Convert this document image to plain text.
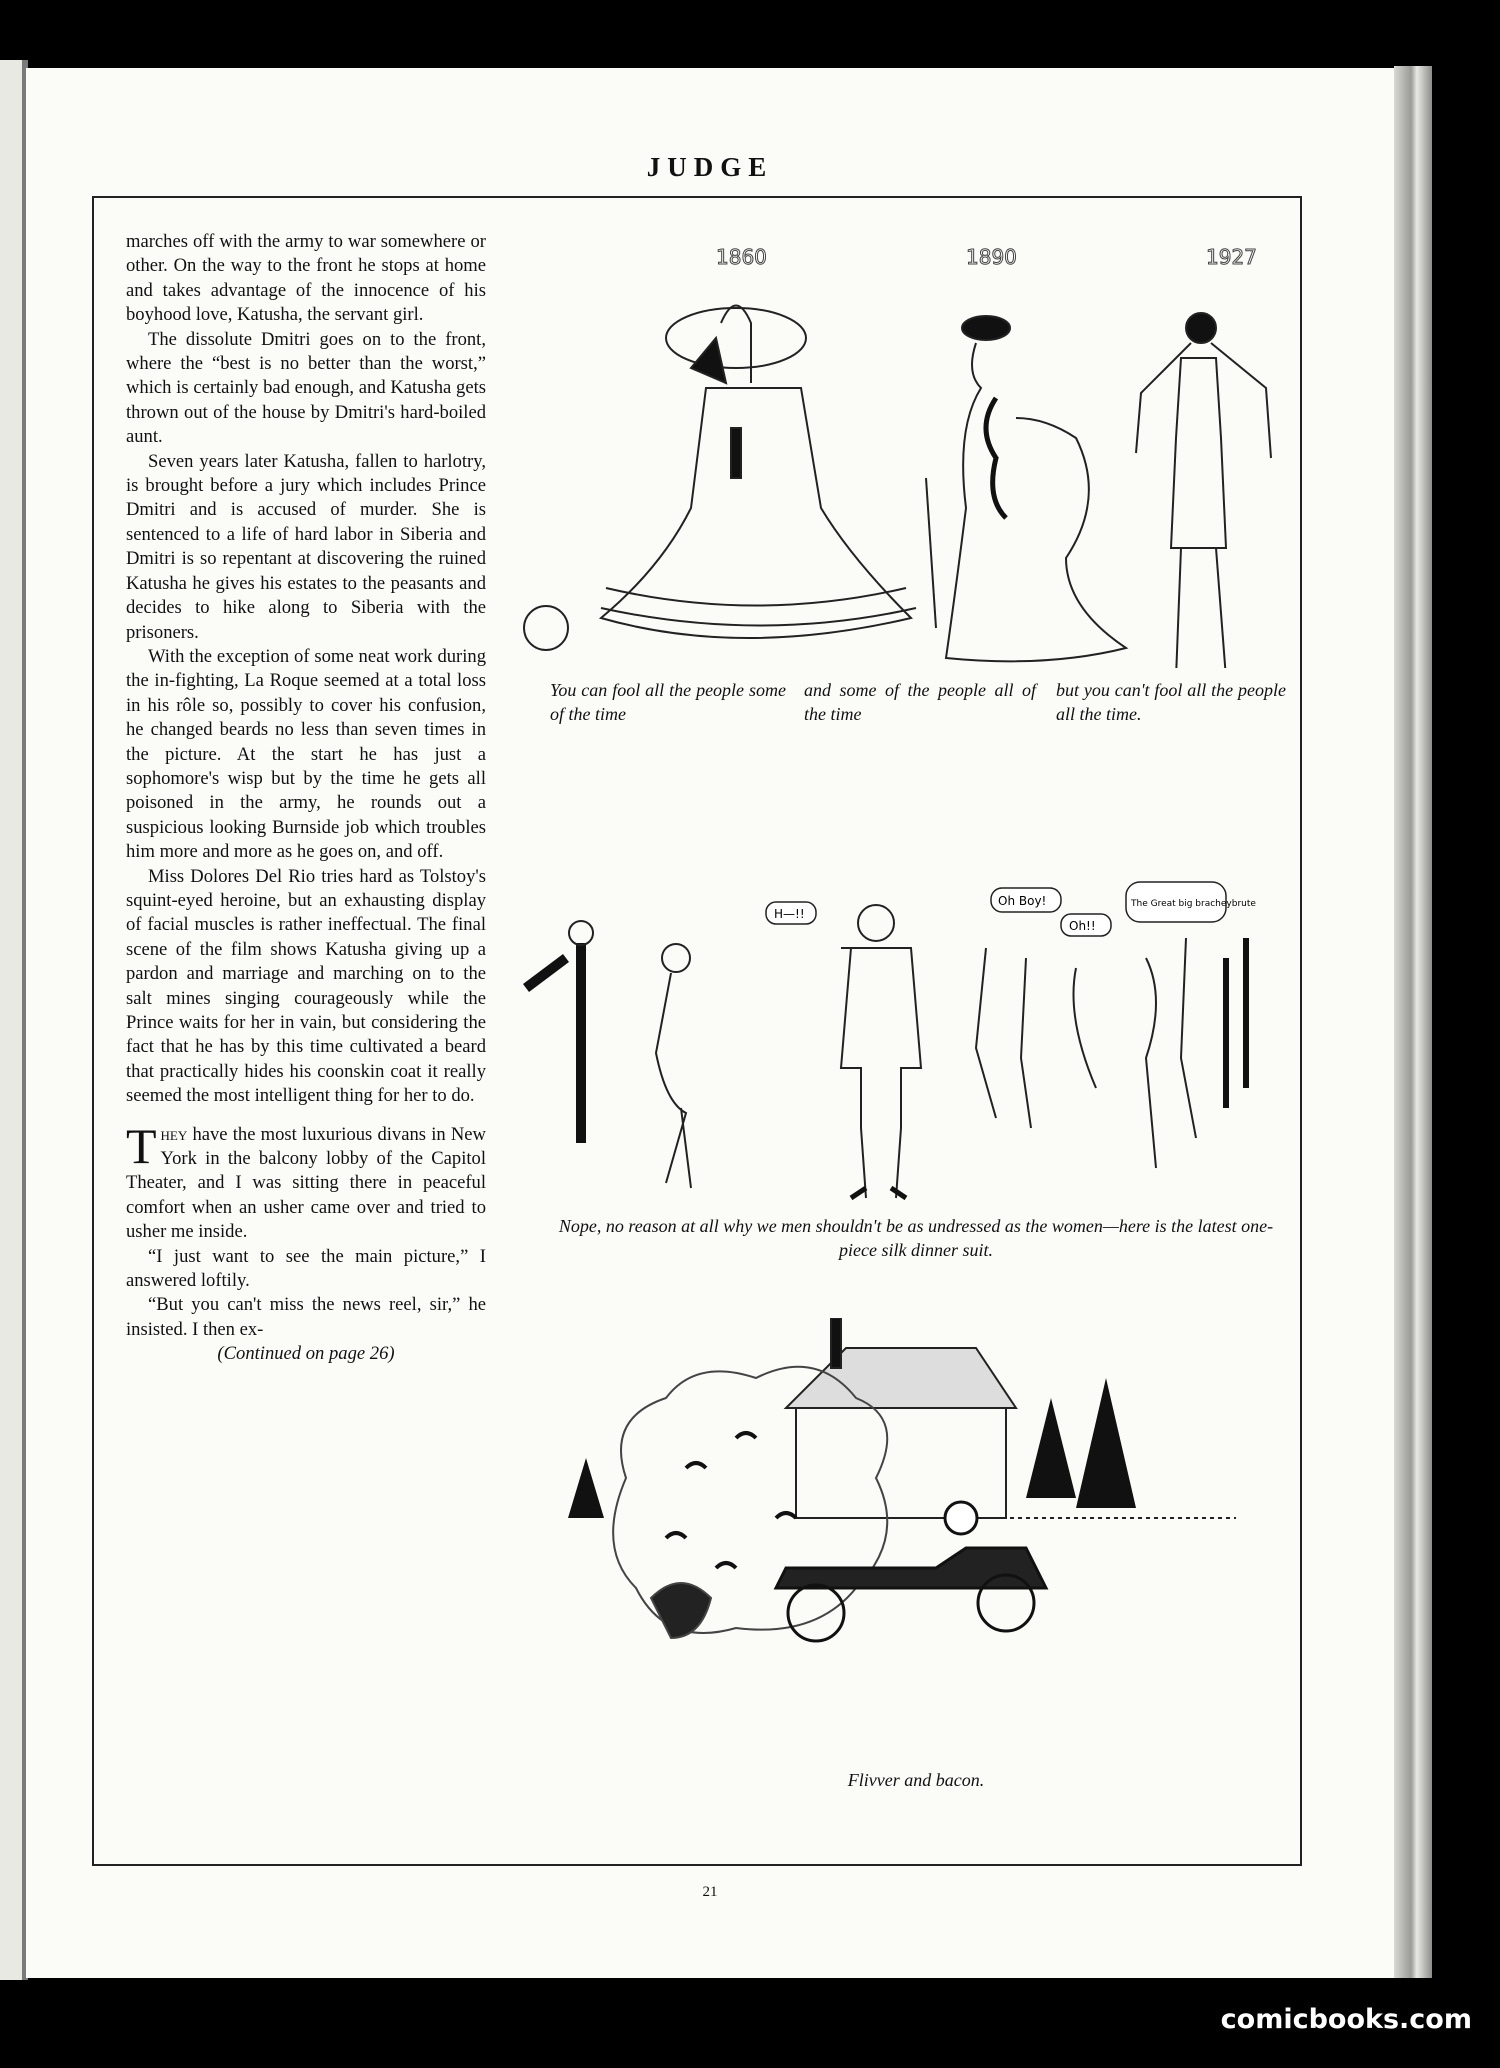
JUDGE

marches off with the army to war somewhere or other. On the way to the front he stops at home and takes advantage of the innocence of his boyhood love, Katusha, the servant girl.

The dissolute Dmitri goes on to the front, where the “best is no better than the worst,” which is certainly bad enough, and Katusha gets thrown out of the house by Dmitri's hard-boiled aunt.

Seven years later Katusha, fallen to harlotry, is brought before a jury which includes Prince Dmitri and is accused of murder. She is sentenced to a life of hard labor in Siberia and Dmitri is so repentant at discovering the ruined Katusha he gives his estates to the peasants and decides to hike along to Siberia with the prisoners.

With the exception of some neat work during the in-fighting, La Roque seemed at a total loss in his rôle so, possibly to cover his confusion, he changed beards no less than seven times in the picture. At the start he has just a sophomore's wisp but by the time he gets all poisoned in the army, he rounds out a suspicious looking Burnside job which troubles him more and more as he goes on, and off.

Miss Dolores Del Rio tries hard as Tolstoy's squint-eyed heroine, but an exhausting display of facial muscles is rather ineffectual. The final scene of the film shows Katusha giving up a pardon and marriage and marching on to the salt mines singing courageously while the Prince waits for her in vain, but considering the fact that he has by this time cultivated a beard that practically hides his coonskin coat it really seemed the most intelligent thing for her to do.

They have the most luxurious divans in New York in the balcony lobby of the Capitol Theater, and I was sitting there in peaceful comfort when an usher came over and tried to usher me inside.

“I just want to see the main picture,” I answered loftily.

“But you can't miss the news reel, sir,” he insisted. I then ex-

(Continued on page 26)

1860	1890	1927
You can fool all the people some of the time
and some of the people all of the time
but you can't fool all the people all the time.
H—!!
Oh Boy!
Oh!!
The Great big bracheybrute
Nope, no reason at all why we men shouldn't be as undressed as the women—here is the latest one-piece silk dinner suit.
Flivver and bacon.
21
comicbooks.com
